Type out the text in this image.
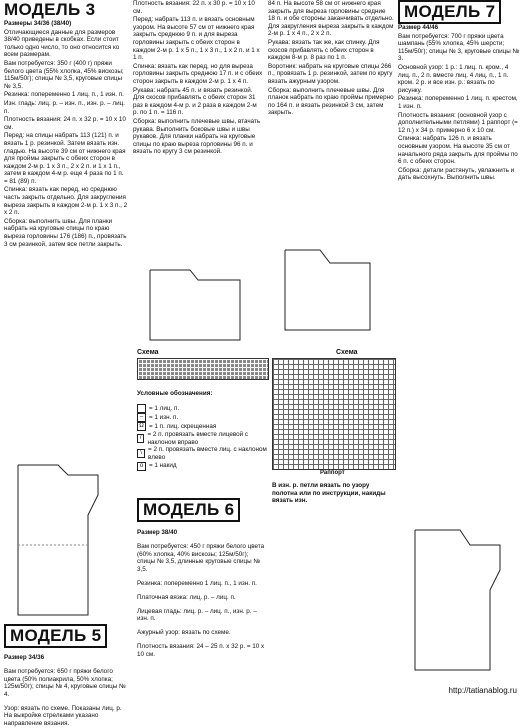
МОДЕЛЬ 3

Размеры 34/36 (38/40)

Отличающиеся данные для размеров 38/40 приведены в скобках. Если стоит только одно число, то оно относится ко всем размерам.

Вам потребуется: 350 г (400 г) пряжи белого цвета (55% хлопка, 45% вискозы; 115м/50г); спицы № 3,5, круговые спицы № 3,5.

Резинка: попеременно 1 лиц. п., 1 изн. п.

Изн. гладь: лиц. р. – изн. п., изн. р. – лиц. п.

Плотность вязания: 24 п. х 32 р. = 10 х 10 см.

Перед: на спицы набрать 113 (121) п. и вязать 1 р. резинкой. Затем вязать изн. гладью. На высоте 39 см от нижнего края для проймы закрыть с обеих сторон в каждом 2-м р. 1 х 3 п., 2 х 2 п. и 1 х 1 п., затем в каждом 4-м р. еще 4 раза по 1 п. = 81 (89) п.

Спинка: вязать как перед, но среднюю часть закрыть отдельно. Для закругления выреза закрыть в каждом 2-м р. 1 х 3 п., 2 х 2 п.

Сборка: выполнить швы. Для планки набрать на круговые спицы по краю выреза горловины 176 (186) п., провязать 3 см резинкой, затем все петли закрыть.

МОДЕЛЬ 5

Размер 34/36

Вам потребуется: 650 г пряжи белого цвета (50% полиакрила, 50% хлопка; 125м/50г); спицы № 4, круговые спицы № 4.

Узор: вязать по схеме. Показаны лиц. р. На выкройке стрелками указано направление вязания.

Плотность вязания: 22 п. х 30 р. = 10 х 10 см.

Перед: набрать 113 п. и вязать основным узором. На высоте 57 см от нижнего края закрыть среднюю 9 п. и для выреза горловины закрыть с обеих сторон в каждом 2-м р. 1 х 5 п., 1 х 3 п., 1 х 2 п. и 1 х 1 п.

Спинка: вязать как перед, но для выреза горловины закрыть среднюю 17 п. и с обеих сторон закрыть в каждом 2-м р. 1 х 4 п.

Рукава: набрать 45 п. и вязать резинкой. Для скосов прибавлять с обеих сторон 31 раз в каждом 4-м р. и 2 раза в каждом 2-м р. по 1 п. = 116 п.

Сборка: выполнить плечевые швы, втачать рукава. Выполнить боковые швы и швы рукавов. Для планки набрать на круговые спицы по краю выреза горловины 96 п. и вязать по кругу 3 см резинкой.

84 п. На высоте 58 см от нижнего края закрыть для выреза горловины средние 18 п. и обе стороны заканчивать отдельно. Для закругления выреза закрыть в каждом 2-м р. 1 х 4 п., 2 х 2 п.

Рукава: вязать так же, как спинку. Для скосов прибавлять с обеих сторон в каждом 8-м р. 8 раз по 1 п.

Воротник: набрать на круговые спицы 266 п., провязать 1 р. резинкой, затем по кругу вязать ажурным узором.

Сборка: выполнить плечевые швы. Для планок набрать по краю проймы примерно по 164 п. и вязать резинкой 3 см, затем закрыть.

МОДЕЛЬ 7

Размер 44/46

Вам потребуется: 700 г пряжи цвета шампань (55% хлопка, 45% шерсти; 115м/50г); спицы № 3, круговые спицы № 3.

Основной узор: 1 р.: 1 лиц. п. кром., 4 лиц. п., 2 п. вместе лиц. 4 лиц. п., 1 п. кром. 2 р. и все изн. р.: вязать по рисунку.

Резинка: попеременно 1 лиц. п. крестом, 1 изн. п.

Плотность вязания: (основной узор с дополнительными петлями) 1 раппорт (= 12 п.) х 34 р. примерно 6 х 10 см.

Спинка: набрать 126 п. и вязать основным узором. На высоте 35 см от начального ряда закрыть для проймы по 6 п. с обеих сторон.

Сборка: детали растянуть, увлажнить и дать высохнуть. Выполнить швы.

Схема	Схема
Раппорт

Условные обозначения:

= 1 лиц. п.
– = 1 изн. п.
Ω = 1 п. лиц. скрещенная
/
= 2 п. провязать вместе лицевой с наклоном вправо
\
= 2 п. провязать вместе лиц. с наклоном влево
o = 1 накид
В изн. р. петли вязать по узору полотна или по инструкции, накиды вязать изн.
МОДЕЛЬ 6

Размер 38/40

Вам потребуется: 450 г пряжи белого цвета (60% хлопка, 40% вискозы; 125м/50г); спицы № 3,5, длинные круговые спицы № 3,5.

Резинка: попеременно 1 лиц. п., 1 изн. п.

Платочная вязка: лиц. р. – лиц. п.

Лицевая гладь: лиц. р. – лиц. п., изн. р. – изн. п.

Ажурный узор: вязать по схеме.

Плотность вязания: 24 – 25 п. х 32 р. = 10 х 10 см.

http://tatianablog.ru
